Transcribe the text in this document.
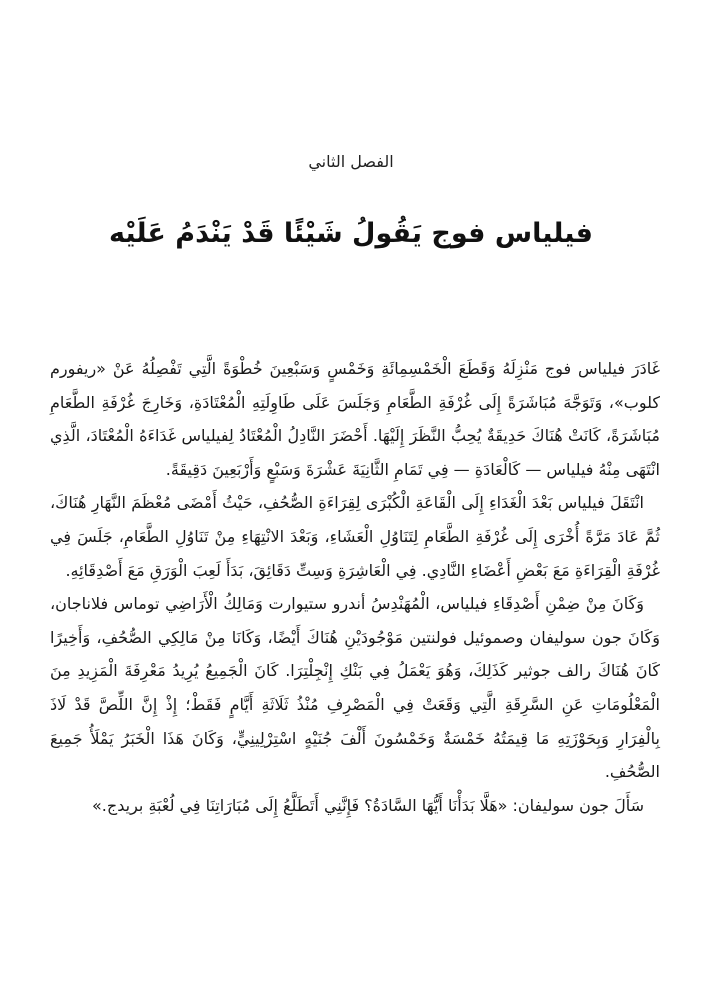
الفصل الثاني
فيلياس فوج يَقُولُ شَيْئًا قَدْ يَنْدَمُ عَلَيْه

غَادَرَ فيلياس فوج مَنْزِلَهُ وَقَطَعَ الْخَمْسِمِائَةِ وَخَمْسٍ وَسَبْعِينَ خُطْوَةً الَّتِي تَفْصِلُهُ عَنْ «ريفورم كلوب»، وَتَوَجَّهَ مُبَاشَرَةً إِلَى غُرْفَةِ الطَّعَامِ وَجَلَسَ عَلَى طَاوِلَتِهِ الْمُعْتَادَةِ، وَخَارِجَ غُرْفَةِ الطَّعَامِ مُبَاشَرَةً، كَانَتْ هُنَاكَ حَدِيقَةٌ يُحِبُّ النَّظَرَ إِلَيْهَا. أَحْضَرَ النَّادِلُ الْمُعْتَادُ لِفيلياس غَدَاءَهُ الْمُعْتَادَ، الَّذِي انْتَهَى مِنْهُ فيلياس — كَالْعَادَةِ — فِي تَمَامِ الثَّانِيَةَ عَشْرَةَ وَسَبْعٍ وَأَرْبَعِينَ دَقِيقَةً.

انْتَقَلَ فيلياس بَعْدَ الْغَدَاءِ إِلَى الْقَاعَةِ الْكُبْرَى لِقِرَاءَةِ الصُّحُفِ، حَيْثُ أَمْضَى مُعْظَمَ النَّهَارِ هُنَاكَ، ثُمَّ عَادَ مَرَّةً أُخْرَى إِلَى غُرْفَةِ الطَّعَامِ لِتَنَاوُلِ الْعَشَاءِ، وَبَعْدَ الانْتِهَاءِ مِنْ تَنَاوُلِ الطَّعَامِ، جَلَسَ فِي غُرْفَةِ الْقِرَاءَةِ مَعَ بَعْضِ أَعْضَاءِ النَّادِي. فِي الْعَاشِرَةِ وَسِتِّ دَقَائِقَ، بَدَأَ لَعِبَ الْوَرَقِ مَعَ أَصْدِقَائِهِ.

وَكَانَ مِنْ ضِمْنِ أَصْدِقَاءِ فيلياس، الْمُهَنْدِسُ أندرو ستيوارت وَمَالِكُ الْأَرَاضِي توماس فلاناجان، وَكَانَ جون سوليفان وصموئيل فولنتين مَوْجُودَيْنِ هُنَاكَ أَيْضًا، وَكَانَا مِنْ مَالِكِي الصُّحُفِ، وَأَخِيرًا كَانَ هُنَاكَ رالف جوثير كَذَلِكَ، وَهُوَ يَعْمَلُ فِي بَنْكِ إِنْجِلْتِرَا. كَانَ الْجَمِيعُ يُرِيدُ مَعْرِفَةَ الْمَزِيدِ مِنَ الْمَعْلُومَاتِ عَنِ السَّرِقَةِ الَّتِي وَقَعَتْ فِي الْمَصْرِفِ مُنْذُ ثَلَاثَةِ أَيَّامٍ فَقَطْ؛ إِذْ إِنَّ اللِّصَّ قَدْ لَاذَ بِالْفِرَارِ وَبِحَوْزَتِهِ مَا قِيمَتُهُ خَمْسَةٌ وَخَمْسُونَ أَلْفَ جُنَيْهٍ اسْتِرْلِينِيٍّ، وَكَانَ هَذَا الْخَبَرُ يَمْلَأُ جَمِيعَ الصُّحُفِ.

سَأَلَ جون سوليفان: «هَلَّا بَدَأْنَا أَيُّهَا السَّادَةُ؟ فَإِنَّنِي أَتَطَلَّعُ إِلَى مُبَارَاتِنَا فِي لُعْبَةِ بريدج.»
